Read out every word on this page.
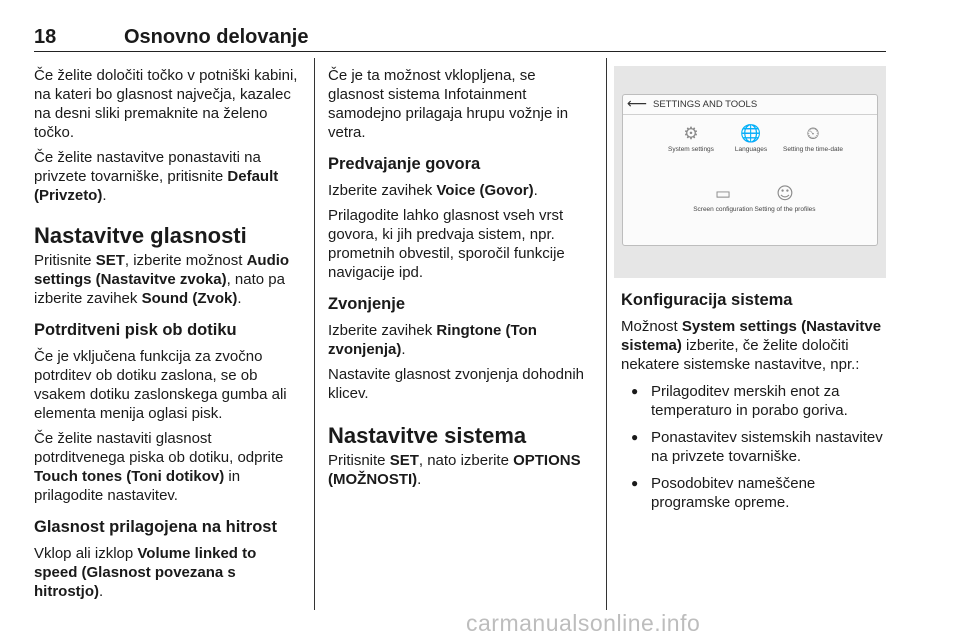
18	Osnovno delovanje

Če želite določiti točko v potniški kabini, na kateri bo glasnost največja, kazalec na desni sliki premaknite na želeno točko.

Če želite nastavitve ponastaviti na privzete tovarniške, pritisnite Default (Privzeto).

Nastavitve glasnosti

Pritisnite SET, izberite možnost Audio settings (Nastavitve zvoka), nato pa izberite zavihek Sound (Zvok).

Potrditveni pisk ob dotiku

Če je vključena funkcija za zvočno potrditev ob dotiku zaslona, se ob vsakem dotiku zaslonskega gumba ali elementa menija oglasi pisk.

Če želite nastaviti glasnost potrditvenega piska ob dotiku, odprite Touch tones (Toni dotikov) in prilagodite nastavitev.

Glasnost prilagojena na hitrost

Vklop ali izklop Volume linked to speed (Glasnost povezana s hitrostjo).

Če je ta možnost vklopljena, se glasnost sistema Infotainment samodejno prilagaja hrupu vožnje in vetra.

Predvajanje govora

Izberite zavihek Voice (Govor).

Prilagodite lahko glasnost vseh vrst govora, ki jih predvaja sistem, npr. prometnih obvestil, sporočil funkcije navigacije ipd.

Zvonjenje

Izberite zavihek Ringtone (Ton zvonjenja).

Nastavite glasnost zvonjenja dohodnih klicev.

Nastavitve sistema

Pritisnite SET, nato izberite OPTIONS (MOŽNOSTI).

⟵ SETTINGS AND TOOLS
⚙
System settings
🌐
Languages
⏲
Setting the time-date
▭
Screen configuration
☺
Setting of the profiles
Konfiguracija sistema

Možnost System settings (Nastavitve sistema) izberite, če želite določiti nekatere sistemske nastavitve, npr.:

● Prilagoditev merskih enot za temperaturo in porabo goriva.
● Ponastavitev sistemskih nastavitev na privzete tovarniške.
● Posodobitev nameščene programske opreme.
carmanualsonline.info
